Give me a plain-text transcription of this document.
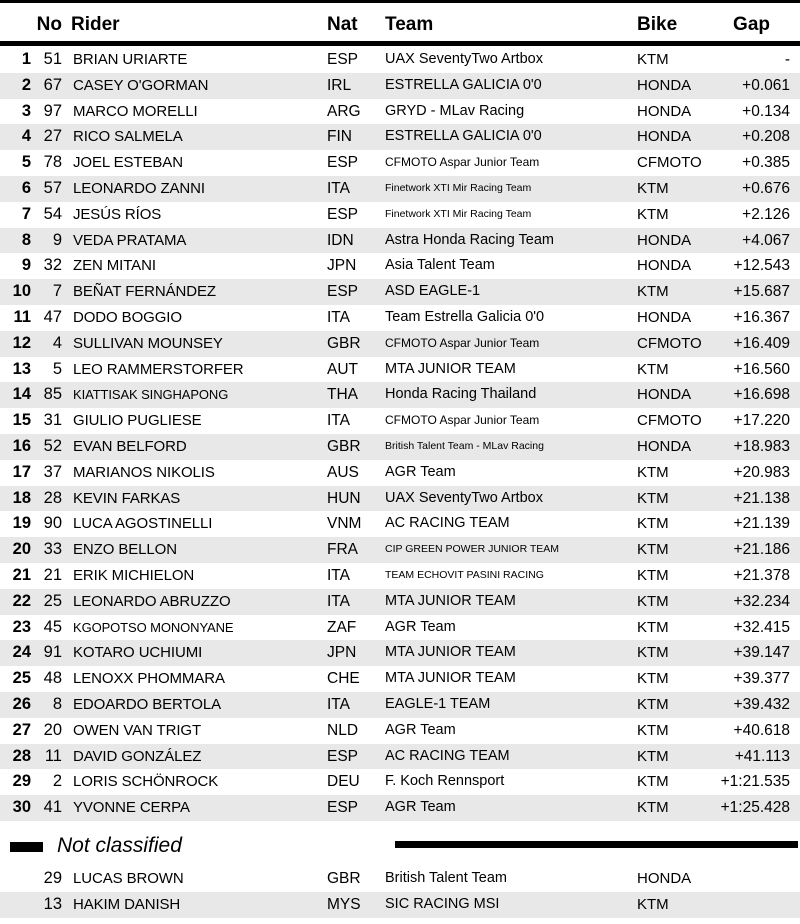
No Rider	Nat Team	Bike	Gap
1 51 BRIAN URIARTE	ESP UAX SeventyTwo Artbox	KTM	-
2 67 CASEY O'GORMAN	IRL ESTRELLA GALICIA 0'0	HONDA	+0.061
3 97 MARCO MORELLI	ARG GRYD - MLav Racing	HONDA	+0.134
4 27 RICO SALMELA	FIN ESTRELLA GALICIA 0'0	HONDA	+0.208
5 78 JOEL ESTEBAN	ESP CFMOTO Aspar Junior Team	CFMOTO	+0.385
6 57 LEONARDO ZANNI	ITA	Finetwork XTI Mir Racing Team	KTM	+0.676
7 54 JESÚS RÍOS	ESP	Finetwork XTI Mir Racing Team	KTM	+2.126
8	9 VEDA PRATAMA	IDN Astra Honda Racing Team	HONDA	+4.067
9 32 ZEN MITANI	JPN Asia Talent Team	HONDA	+12.543
10	7 BEÑAT FERNÁNDEZ	ESP ASD EAGLE-1	KTM	+15.687
11 47 DODO BOGGIO	ITA Team Estrella Galicia 0'0	HONDA	+16.367
12	4 SULLIVAN MOUNSEY	GBR CFMOTO Aspar Junior Team	CFMOTO	+16.409
13	5 LEO RAMMERSTORFER	AUT MTA JUNIOR TEAM	KTM	+16.560
14 85 KIATTISAK SINGHAPONG	THA Honda Racing Thailand	HONDA	+16.698
15 31 GIULIO PUGLIESE	ITA	CFMOTO Aspar Junior Team	CFMOTO	+17.220
16 52 EVAN BELFORD	GBR British Talent Team - MLav Racing	HONDA	+18.983
17 37 MARIANOS NIKOLIS	AUS AGR Team	KTM	+20.983
18 28 KEVIN FARKAS	HUN UAX SeventyTwo Artbox	KTM	+21.138
19 90 LUCA AGOSTINELLI	VNM AC RACING TEAM	KTM	+21.139
20 33 ENZO BELLON	FRA	CIP GREEN POWER JUNIOR TEAM	KTM	+21.186
21 21 ERIK MICHIELON	ITA	TEAM ECHOVIT PASINI RACING	KTM	+21.378
22 25 LEONARDO ABRUZZO	ITA MTA JUNIOR TEAM	KTM	+32.234
23 45 KGOPOTSO MONONYANE	ZAF AGR Team	KTM	+32.415
24 91 KOTARO UCHIUMI	JPN MTA JUNIOR TEAM	KTM	+39.147
25 48 LENOXX PHOMMARA	CHE MTA JUNIOR TEAM	KTM	+39.377
26	8 EDOARDO BERTOLA	ITA EAGLE-1 TEAM	KTM	+39.432
27 20 OWEN VAN TRIGT	NLD AGR Team	KTM	+40.618
28 11 DAVID GONZÁLEZ	ESP AC RACING TEAM	KTM	+41.113
29	2 LORIS SCHÖNROCK	DEU F. Koch Rennsport	KTM	+1:21.535
30 41 YVONNE CERPA	ESP AGR Team	KTM	+1:25.428
Not classified
29 LUCAS BROWN	GBR British Talent Team	HONDA
13 HAKIM DANISH	MYS SIC RACING MSI	KTM
